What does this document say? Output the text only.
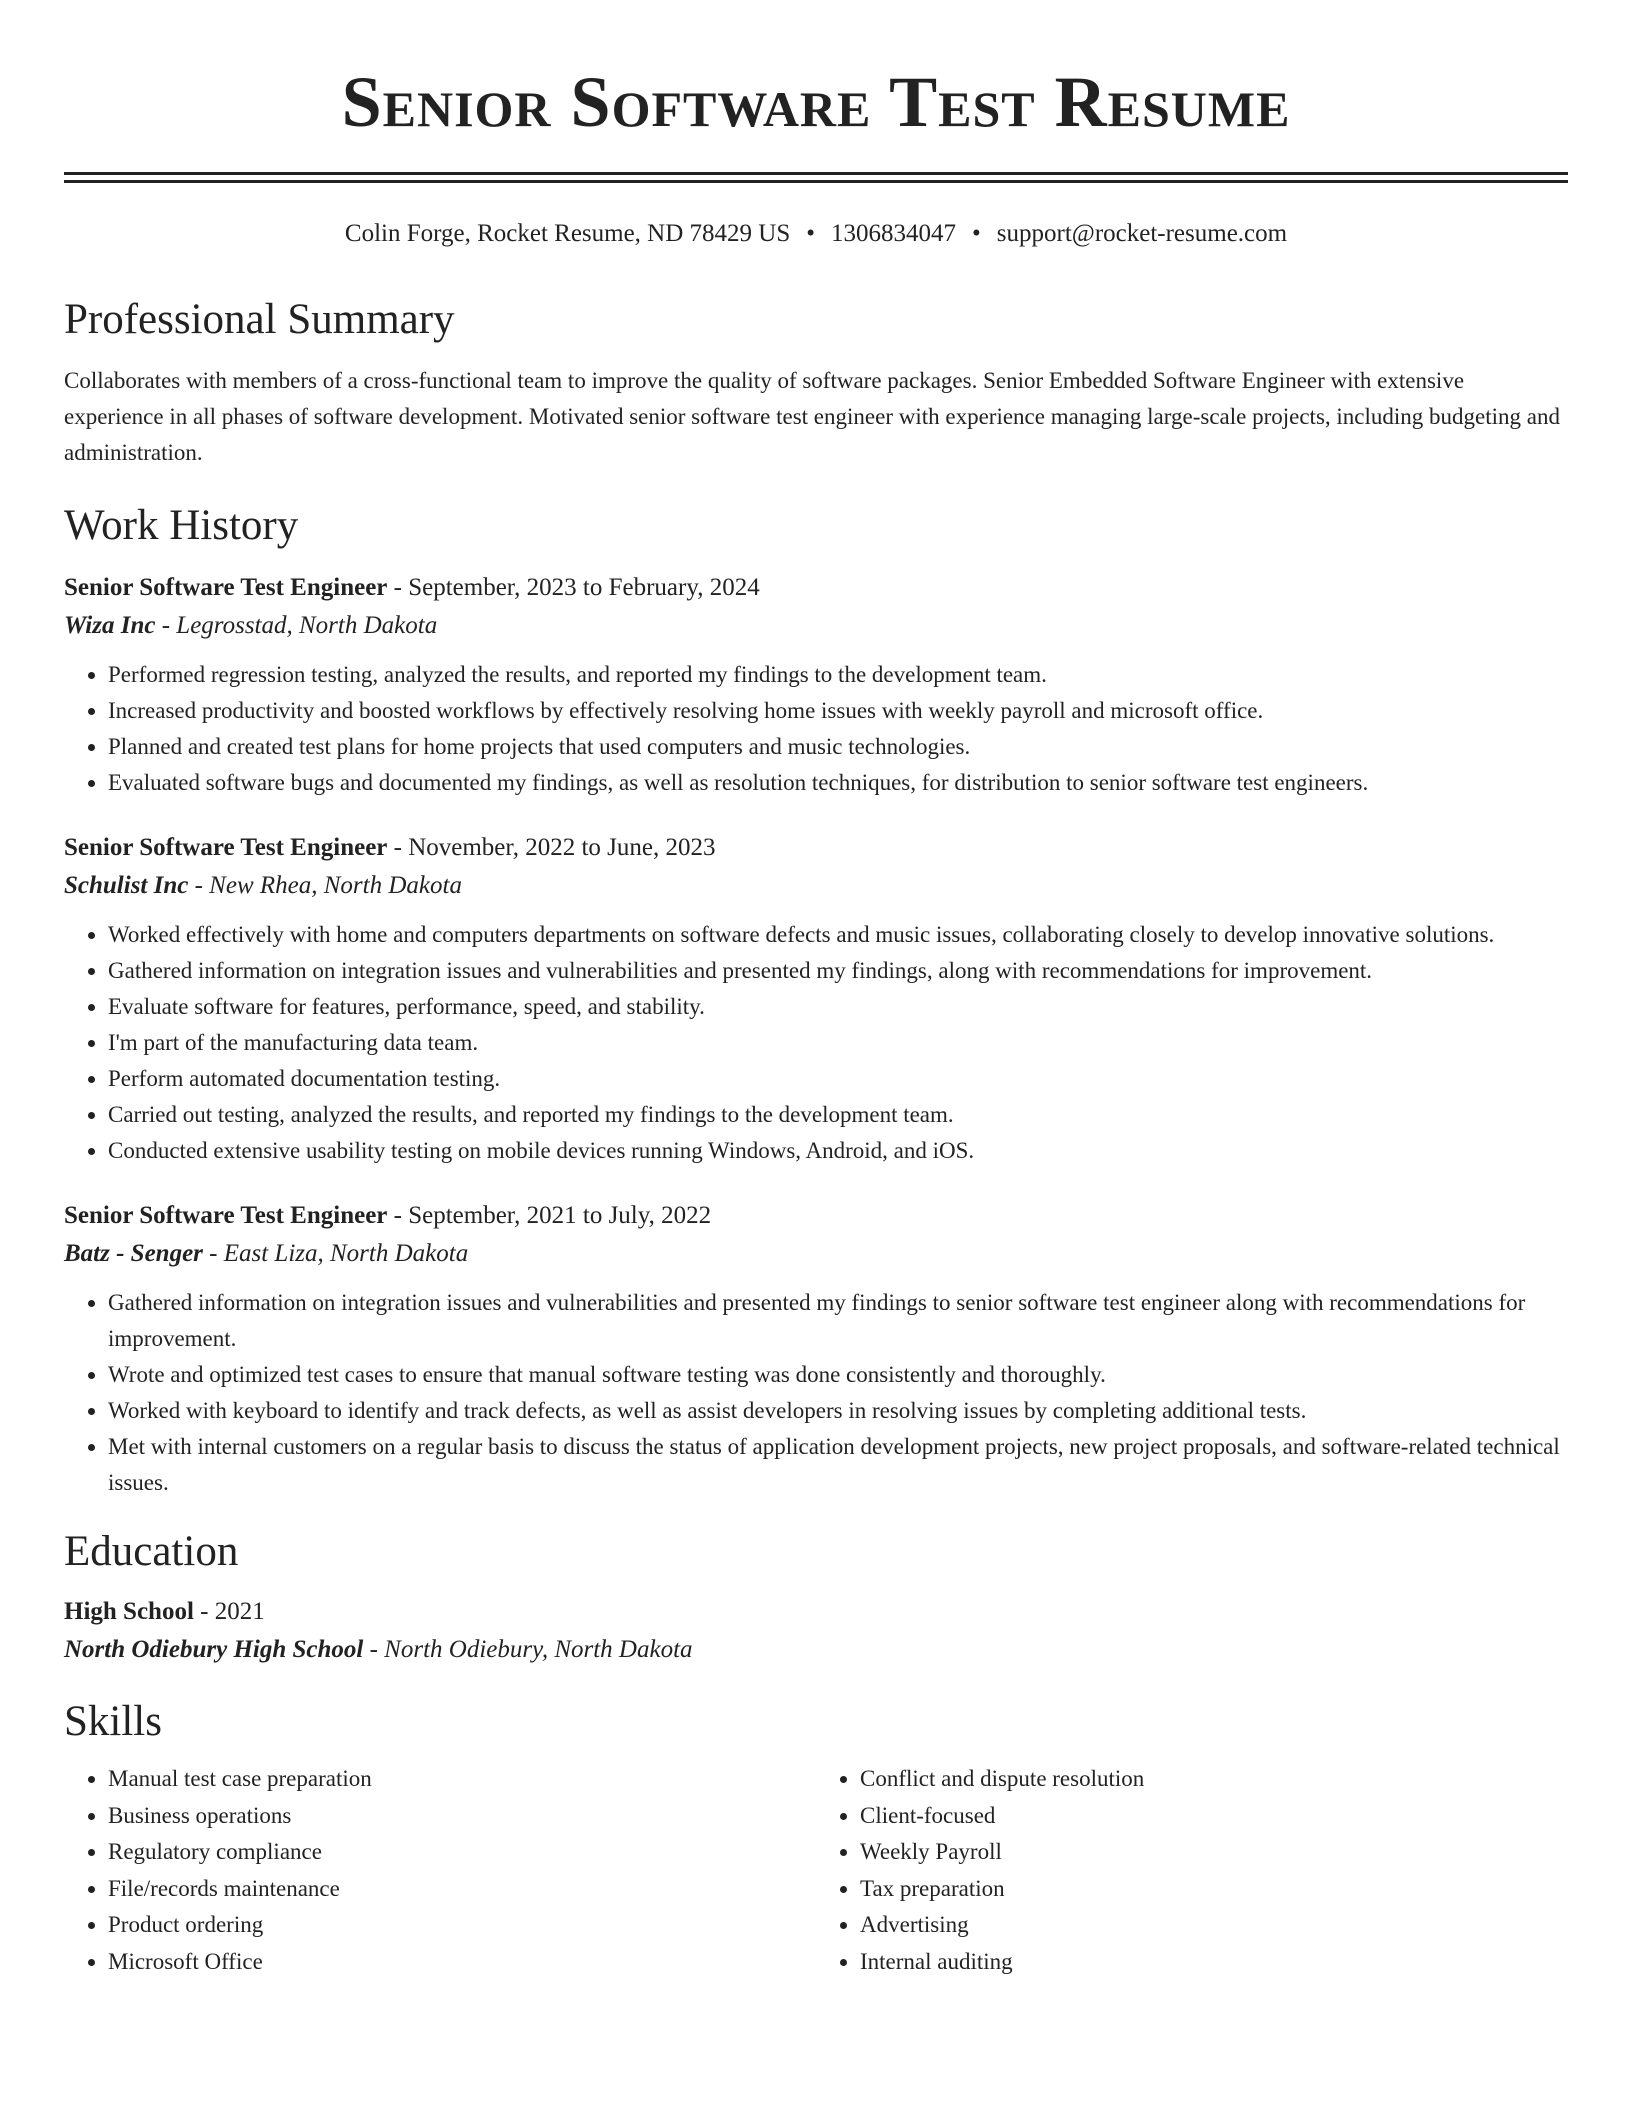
Senior Software Test Resume
Colin Forge, Rocket Resume, ND 78429 US • 1306834047 • support@rocket-resume.com
Professional Summary
Collaborates with members of a cross-functional team to improve the quality of software packages. Senior Embedded Software Engineer with extensive experience in all phases of software development. Motivated senior software test engineer with experience managing large-scale projects, including budgeting and administration.
Work History
Senior Software Test Engineer - September, 2023 to February, 2024
Wiza Inc - Legrosstad, North Dakota
• Performed regression testing, analyzed the results, and reported my findings to the development team.
• Increased productivity and boosted workflows by effectively resolving home issues with weekly payroll and microsoft office.
• Planned and created test plans for home projects that used computers and music technologies.
• Evaluated software bugs and documented my findings, as well as resolution techniques, for distribution to senior software test engineers.
Senior Software Test Engineer - November, 2022 to June, 2023
Schulist Inc - New Rhea, North Dakota
• Worked effectively with home and computers departments on software defects and music issues, collaborating closely to develop innovative solutions.
• Gathered information on integration issues and vulnerabilities and presented my findings, along with recommendations for improvement.
• Evaluate software for features, performance, speed, and stability.
• I'm part of the manufacturing data team.
• Perform automated documentation testing.
• Carried out testing, analyzed the results, and reported my findings to the development team.
• Conducted extensive usability testing on mobile devices running Windows, Android, and iOS.
Senior Software Test Engineer - September, 2021 to July, 2022
Batz - Senger - East Liza, North Dakota
• Gathered information on integration issues and vulnerabilities and presented my findings to senior software test engineer along with recommendations for improvement.
• Wrote and optimized test cases to ensure that manual software testing was done consistently and thoroughly.
• Worked with keyboard to identify and track defects, as well as assist developers in resolving issues by completing additional tests.
• Met with internal customers on a regular basis to discuss the status of application development projects, new project proposals, and software-related technical issues.
Education
High School - 2021
North Odiebury High School - North Odiebury, North Dakota
Skills
• Manual test case preparation
• Business operations
• Regulatory compliance
• File/records maintenance
• Product ordering
• Microsoft Office
• Conflict and dispute resolution
• Client-focused
• Weekly Payroll
• Tax preparation
• Advertising
• Internal auditing
